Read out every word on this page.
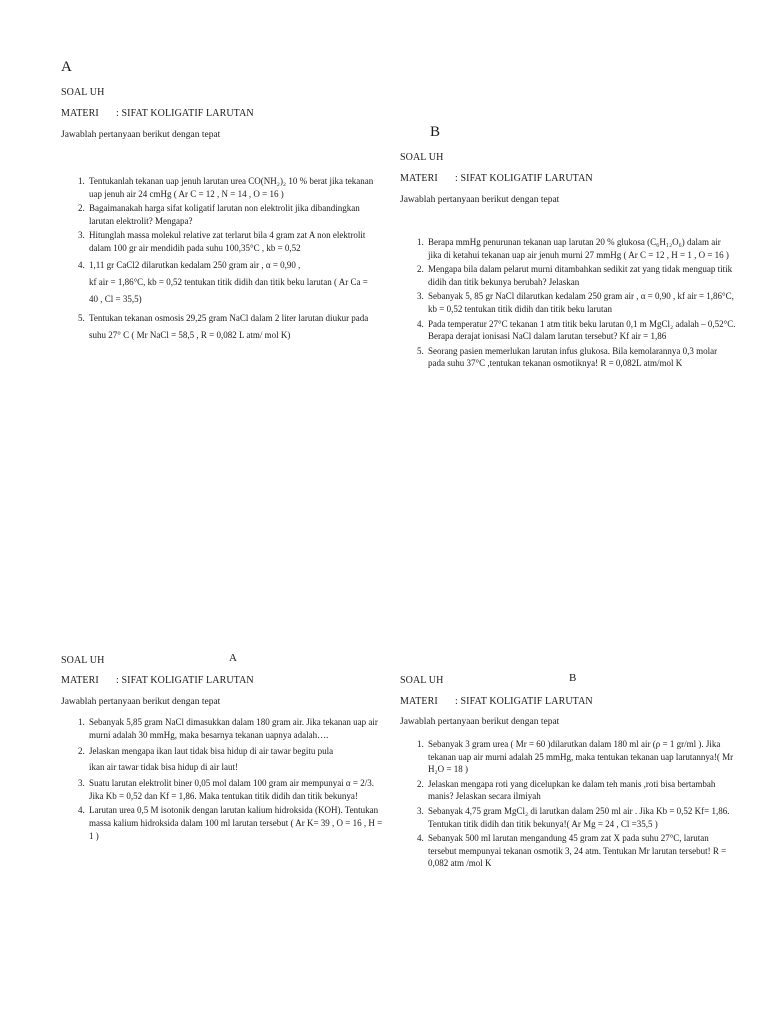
A
SOAL UH
MATERI : SIFAT KOLIGATIF LARUTAN
Jawablah pertanyaan berikut dengan tepat
1. Tentukanlah tekanan uap jenuh larutan urea CO(NH₂)₂ 10 % berat jika tekanan uap jenuh air 24 cmHg ( Ar C = 12 , N = 14 , O = 16 )
2. Bagaimanakah harga sifat koligatif larutan non elektrolit jika dibandingkan larutan elektrolit? Mengapa?
3. Hitunglah massa molekul relative zat terlarut bila 4 gram zat A non elektrolit dalam 100 gr air mendidih pada suhu 100,35°C , kb = 0,52
4. 1,11 gr CaCl2 dilarutkan kedalam 250 gram air , α = 0,90 ,
kf air = 1,86°C, kb = 0,52 tentukan titik didih dan titik beku larutan ( Ar Ca = 40 , Cl = 35,5)
5. Tentukan tekanan osmosis 29,25 gram NaCl dalam 2 liter larutan diukur pada suhu 27° C ( Mr NaCl = 58,5 , R = 0,082 L atm/ mol K)
B
SOAL UH
MATERI : SIFAT KOLIGATIF LARUTAN
Jawablah pertanyaan berikut dengan tepat
1. Berapa mmHg penurunan tekanan uap larutan 20 % glukosa (C₆H₁₂O₆) dalam air jika di ketahui tekanan uap air jenuh murni 27 mmHg ( Ar C = 12 , H = 1 , O = 16 )
2. Mengapa bila dalam pelarut murni ditambahkan sedikit zat yang tidak menguap titik didih dan titik bekunya berubah? Jelaskan
3. Sebanyak 5, 85 gr NaCl dilarutkan kedalam 250 gram air , α = 0,90 , kf air = 1,86°C, kb = 0,52 tentukan titik didih dan titik beku larutan
4. Pada temperatur 27°C tekanan 1 atm titik beku larutan 0,1 m MgCl₂ adalah – 0,52°C. Berapa derajat ionisasi NaCl dalam larutan tersebut? Kf air = 1,86
5. Seorang pasien memerlukan larutan infus glukosa. Bila kemolarannya 0,3 molar pada suhu 37°C ,tentukan tekanan osmotiknya! R = 0,082L atm/mol K
SOAL UH	A
MATERI : SIFAT KOLIGATIF LARUTAN
Jawablah pertanyaan berikut dengan tepat
1. Sebanyak 5,85 gram NaCl dimasukkan dalam 180 gram air. Jika tekanan uap air murni adalah 30 mmHg, maka besarnya tekanan uapnya adalah….
2. Jelaskan mengapa ikan laut tidak bisa hidup di air tawar begitu pula
ikan air tawar tidak bisa hidup di air laut!
3. Suatu larutan elektrolit biner 0,05 mol dalam 100 gram air mempunyai α = 2/3. Jika Kb = 0,52 dan Kf = 1,86. Maka tentukan titik didih dan titik bekunya!
4. Larutan urea 0,5 M isotonik dengan larutan kalium hidroksida (KOH). Tentukan massa kalium hidroksida dalam 100 ml larutan tersebut ( Ar K= 39 , O = 16 , H = 1 )
SOAL UH	B
MATERI : SIFAT KOLIGATIF LARUTAN
Jawablah pertanyaan berikut dengan tepat
1. Sebanyak 3 gram urea ( Mr = 60 )dilarutkan dalam 180 ml air (ρ = 1 gr/ml ). Jika tekanan uap air murni adalah 25 mmHg, maka tentukan tekanan uap larutannya!( Mr H₂O = 18 )
2. Jelaskan mengapa roti yang dicelupkan ke dalam teh manis ,roti bisa bertambah manis? Jelaskan secara ilmiyah
3. Sebanyak 4,75 gram MgCl₂ di larutkan dalam 250 ml air . Jika Kb = 0,52 Kf= 1,86. Tentukan titik didih dan titik bekunya!( Ar Mg = 24 , Cl =35,5 )
4. Sebanyak 500 ml larutan mengandung 45 gram zat X pada suhu 27°C, larutan tersebut mempunyai tekanan osmotik 3, 24 atm. Tentukan Mr larutan tersebut! R = 0,082 atm /mol K
